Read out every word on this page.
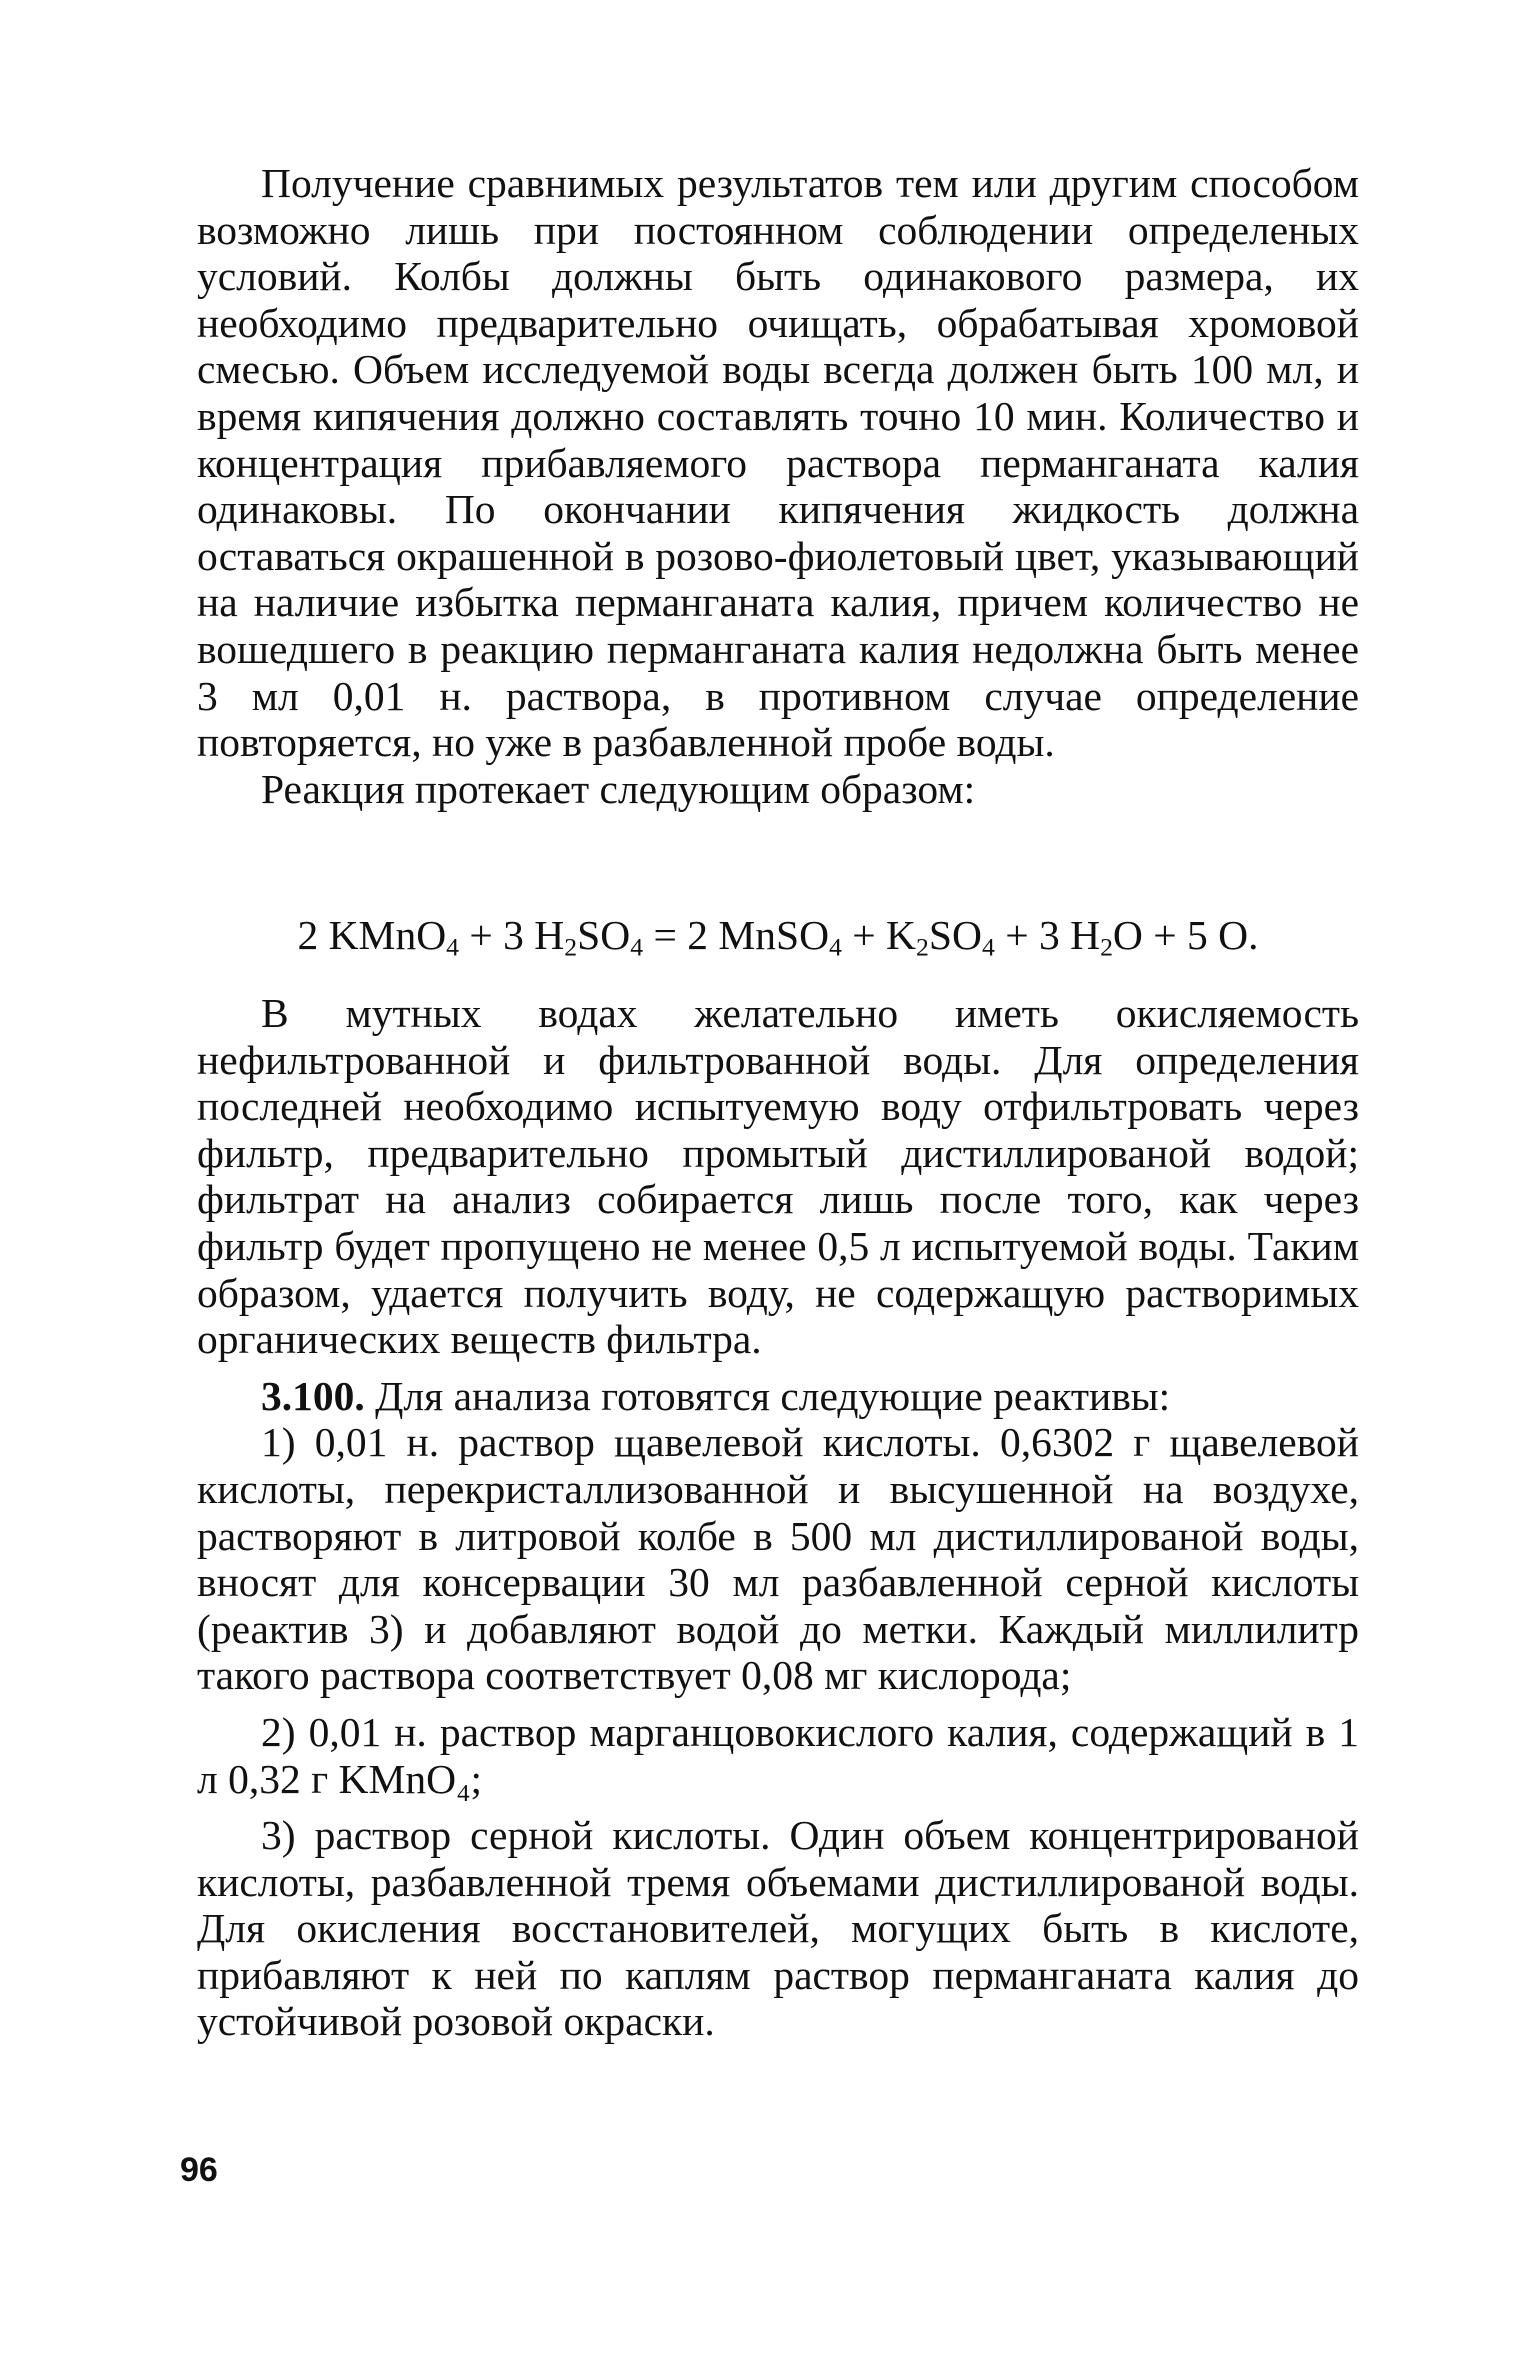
Получение сравнимых результатов тем или другим способом возможно лишь при постоянном соблюдении определеных условий. Колбы должны быть одинакового размера, их необходимо предварительно очищать, обрабатывая хромовой смесью. Объем исследуемой воды всегда должен быть 100 мл, и время кипячения должно составлять точно 10 мин. Количество и концентрация прибавляемого раствора перманганата калия одинаковы. По окончании кипячения жидкость должна оставаться окрашенной в розово-фиолетовый цвет, указывающий на наличие избытка перманганата калия, причем количество не вошедшего в реакцию перманганата калия недолжна быть менее 3 мл 0,01 н. раствора, в противном случае определение повторяется, но уже в разбавленной пробе воды.

Реакция протекает следующим образом:

2 KMnO$_4$ + 3 $H_2SO_4 = 2$ MnSO$_4$ + $K_2SO_4 + 3$ $H_2O + 5$ O.

В мутных водах желательно иметь окисляемость нефильтрованной и фильтрованной воды. Для определения последней необходимо испытуемую воду отфильтровать через фильтр, предварительно промытый дистиллированой водой; фильтрат на анализ собирается лишь после того, как через фильтр будет пропущено не менее 0,5 л испытуемой воды. Таким образом, удается получить воду, не содержащую растворимых органических веществ фильтра.

3.100. Для анализа готовятся следующие реактивы:

1) 0,01 н. раствор щавелевой кислоты. 0,6302 г щавелевой кислоты, перекристаллизованной и высушенной на воздухе, растворяют в литровой колбе в 500 мл дистиллированой воды, вносят для консервации 30 мл разбавленной серной кислоты (реактив 3) и добавляют водой до метки. Каждый миллилитр такого раствора соответствует 0,08 мг кислорода;

2) 0,01 н. раствор марганцовокислого калия, содержащий в 1 л 0,32 г KMnO₄;

3) раствор серной кислоты. Один объем концентрированой кислоты, разбавленной тремя объемами дистиллированой воды. Для окисления восстановителей, могущих быть в кислоте, прибавляют к ней по каплям раствор перманганата калия до устойчивой розовой окраски.

96
